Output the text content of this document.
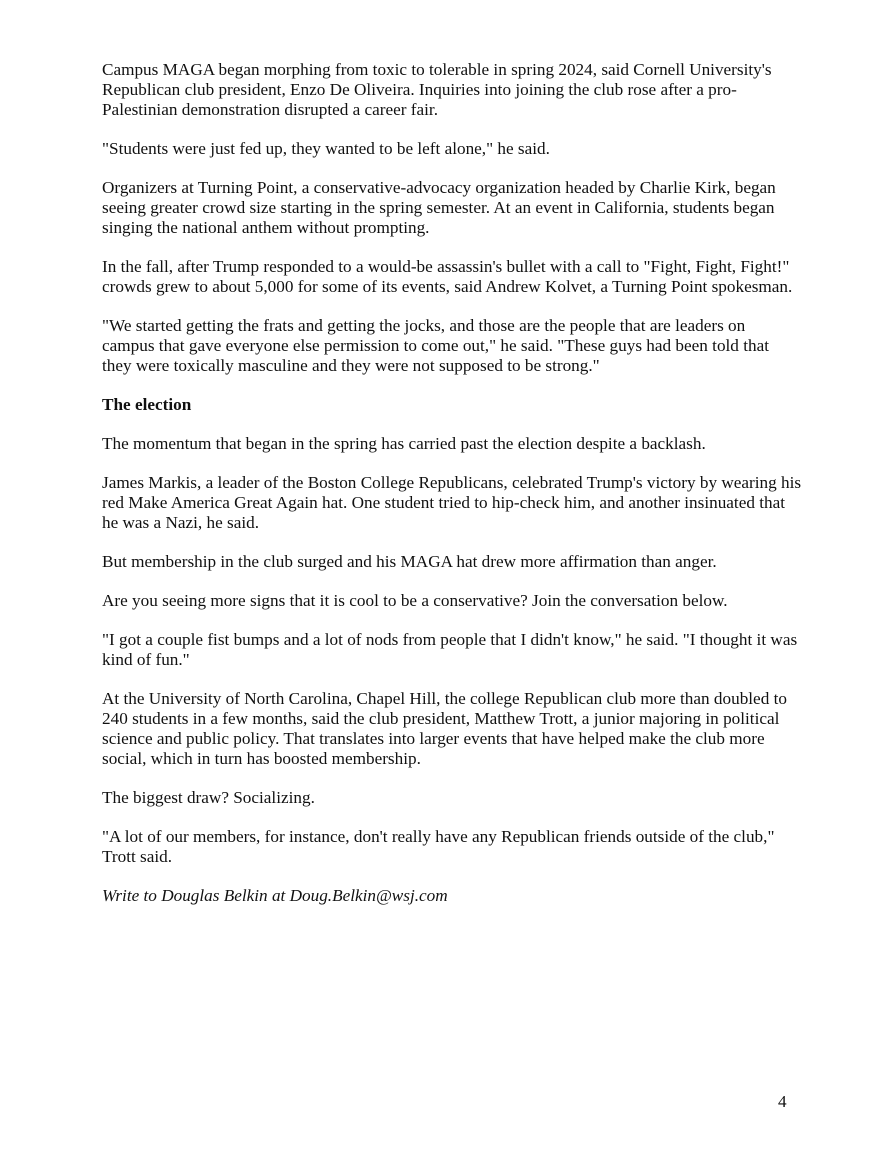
Campus MAGA began morphing from toxic to tolerable in spring 2024, said Cornell University's Republican club president, Enzo De Oliveira. Inquiries into joining the club rose after a pro-Palestinian demonstration disrupted a career fair.

"Students were just fed up, they wanted to be left alone," he said.

Organizers at Turning Point, a conservative-advocacy organization headed by Charlie Kirk, began seeing greater crowd size starting in the spring semester. At an event in California, students began singing the national anthem without prompting.

In the fall, after Trump responded to a would-be assassin's bullet with a call to "Fight, Fight, Fight!" crowds grew to about 5,000 for some of its events, said Andrew Kolvet, a Turning Point spokesman.

"We started getting the frats and getting the jocks, and those are the people that are leaders on campus that gave everyone else permission to come out," he said. "These guys had been told that they were toxically masculine and they were not supposed to be strong."

The election

The momentum that began in the spring has carried past the election despite a backlash.

James Markis, a leader of the Boston College Republicans, celebrated Trump's victory by wearing his red Make America Great Again hat. One student tried to hip-check him, and another insinuated that he was a Nazi, he said.

But membership in the club surged and his MAGA hat drew more affirmation than anger.

Are you seeing more signs that it is cool to be a conservative? Join the conversation below.

"I got a couple fist bumps and a lot of nods from people that I didn't know," he said. "I thought it was kind of fun."

At the University of North Carolina, Chapel Hill, the college Republican club more than doubled to 240 students in a few months, said the club president, Matthew Trott, a junior majoring in political science and public policy. That translates into larger events that have helped make the club more social, which in turn has boosted membership.

The biggest draw? Socializing.

"A lot of our members, for instance, don't really have any Republican friends outside of the club," Trott said.

Write to Douglas Belkin at Doug.Belkin@wsj.com

4
